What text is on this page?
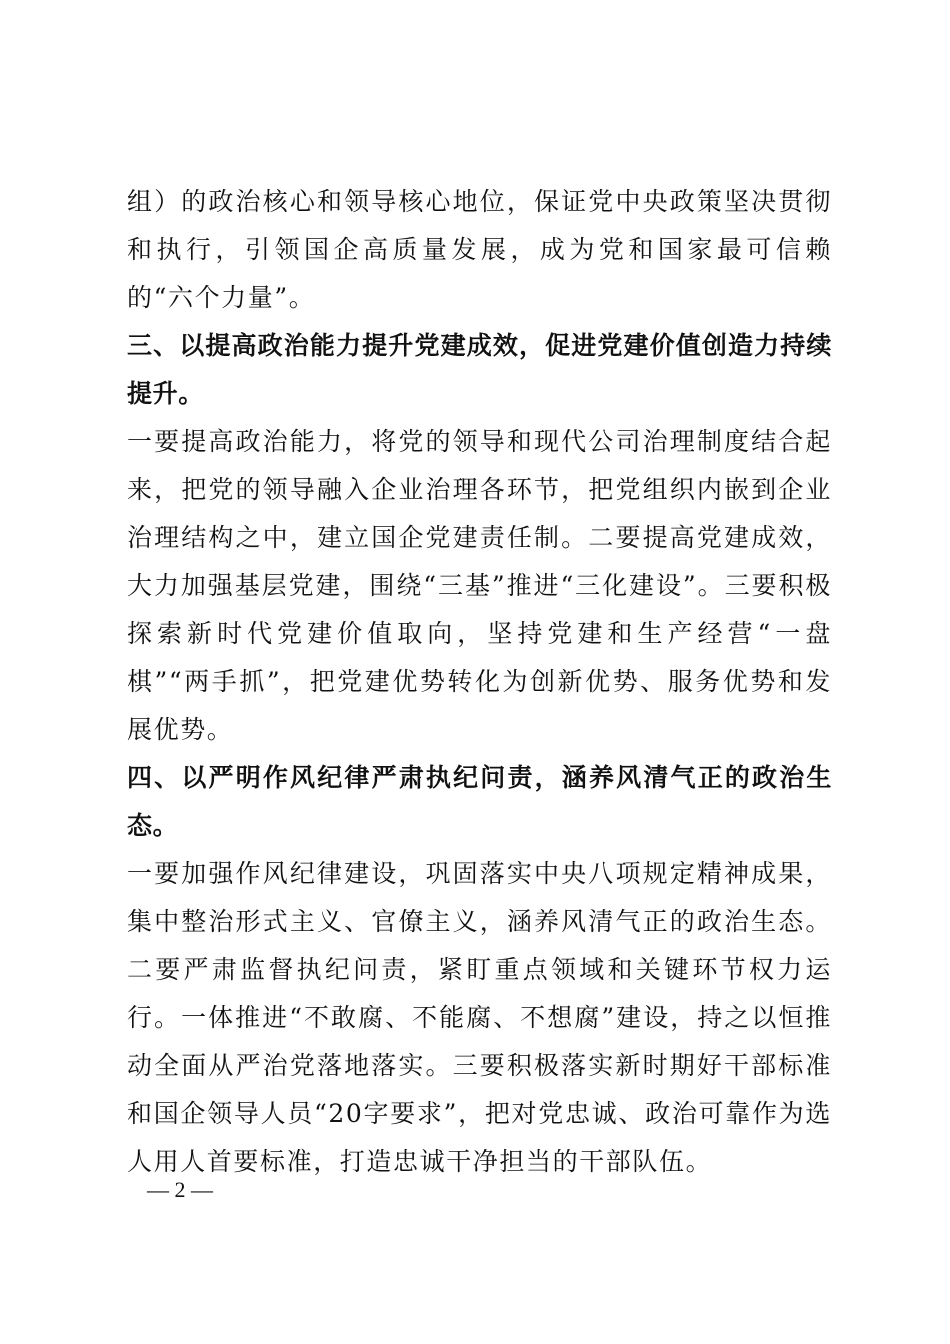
组）的政治核心和领导核心地位，保证党中央政策坚决贯彻和执行，引领国企高质量发展，成为党和国家最可信赖的“六个力量”。

三、以提高政治能力提升党建成效，促进党建价值创造力持续提升。

一要提高政治能力，将党的领导和现代公司治理制度结合起来，把党的领导融入企业治理各环节，把党组织内嵌到企业治理结构之中，建立国企党建责任制。二要提高党建成效，大力加强基层党建，围绕“三基”推进“三化建设”。三要积极探索新时代党建价值取向，坚持党建和生产经营“一盘棋”“两手抓”，把党建优势转化为创新优势、服务优势和发展优势。

四、以严明作风纪律严肃执纪问责，涵养风清气正的政治生态。

一要加强作风纪律建设，巩固落实中央八项规定精神成果，集中整治形式主义、官僚主义，涵养风清气正的政治生态。二要严肃监督执纪问责，紧盯重点领域和关键环节权力运行。一体推进“不敢腐、不能腐、不想腐”建设，持之以恒推动全面从严治党落地落实。三要积极落实新时期好干部标准和国企领导人员“20字要求”，把对党忠诚、政治可靠作为选人用人首要标准，打造忠诚干净担当的干部队伍。

— 2 —
